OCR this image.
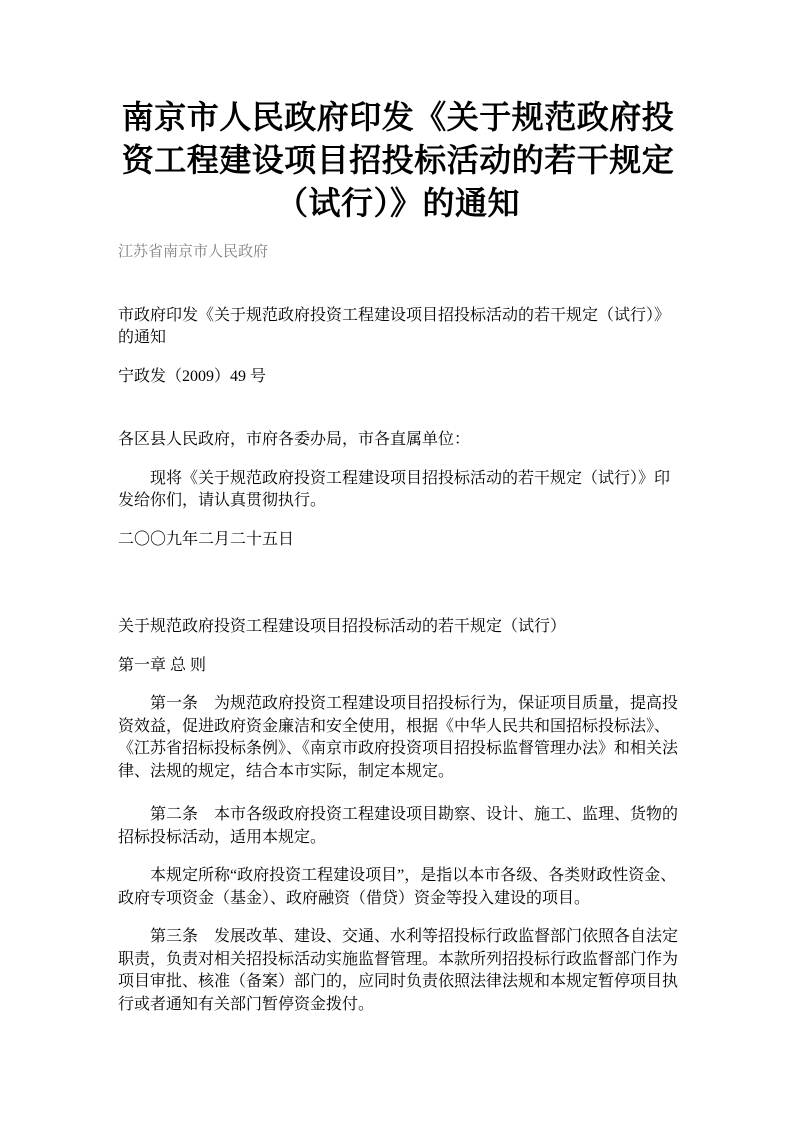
南京市人民政府印发《关于规范政府投资工程建设项目招投标活动的若干规定（试行）》的通知

江苏省南京市人民政府

市政府印发《关于规范政府投资工程建设项目招投标活动的若干规定（试行）》的通知

宁政发（2009）49 号

各区县人民政府，市府各委办局，市各直属单位：

现将《关于规范政府投资工程建设项目招投标活动的若干规定（试行）》印发给你们，请认真贯彻执行。

二〇〇九年二月二十五日

关于规范政府投资工程建设项目招投标活动的若干规定（试行）

第一章 总 则

第一条　为规范政府投资工程建设项目招投标行为，保证项目质量，提高投资效益，促进政府资金廉洁和安全使用，根据《中华人民共和国招标投标法》、《江苏省招标投标条例》、《南京市政府投资项目招投标监督管理办法》和相关法律、法规的规定，结合本市实际，制定本规定。

第二条　本市各级政府投资工程建设项目勘察、设计、施工、监理、货物的招标投标活动，适用本规定。

本规定所称“政府投资工程建设项目”，是指以本市各级、各类财政性资金、政府专项资金（基金）、政府融资（借贷）资金等投入建设的项目。

第三条　发展改革、建设、交通、水利等招投标行政监督部门依照各自法定职责，负责对相关招投标活动实施监督管理。本款所列招投标行政监督部门作为项目审批、核准（备案）部门的，应同时负责依照法律法规和本规定暂停项目执行或者通知有关部门暂停资金拨付。
